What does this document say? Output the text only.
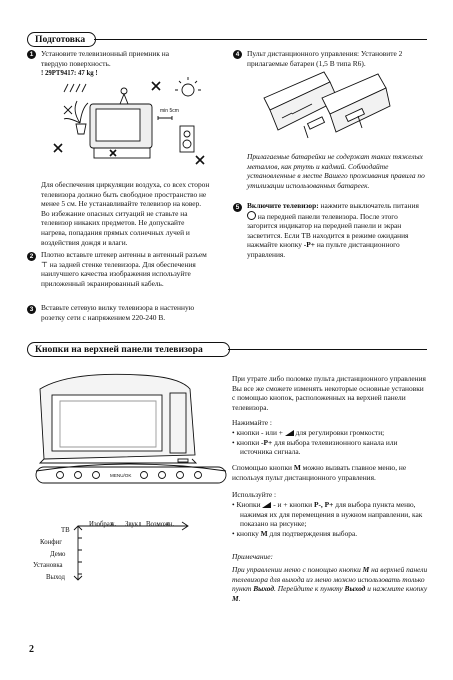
Подготовка
1	Установите телевизионный приемник на твердую поверхность.
! 29PT9417: 47 kg !
min 5cm
Для обеспечения циркуляции воздуха, со всех сторон телевизора должно быть свободное пространство не менее 5 см. Не устанавливайте телевизор на ковер. Во избежание опасных ситуаций не ставьте на телевизор никаких предметов. Не допускайте нагрева, попадания прямых солнечных лучей и воздействия дождя и влаги.
2	Плотно вставьте штекер антенны в антенный разъем ⊤ на задней стенке телевизора. Для обеспечения наилучшего качества изображения используйте приложенный экранированный кабель.
3	Вставьте сетевую вилку телевизора в настенную розетку сети с напряжением 220-240 В.
4	Пульт дистанционного управления: Установите 2 прилагаемые батареи (1,5 В типа R6).
Прилагаемые батарейки не содержат таких тяжелых металлов, как ртуть и кадмий. Соблюдайте установленные в месте Вашего проживания правила по утилизации использованных батареек.
5	Включите телевизор: нажмите выключатель питания  на передней панели телевизора. После этого загорится индикатор на передней панели и экран засветится. Если ТВ находится в режиме ожидания нажмайте кнопку -P+ на пульте дистанционного управления.
Кнопки на верхней панели телевизора
MENU/OK
ТВ
Конфиг
Демо
Установка
Выход
Изображ. Звук Возможн.
При утрате либо поломке пульта дистанционного управления Вы все же сможете изменять некоторые основные установки с помощью кнопок, расположенных на верхней панели телевизора.
Нажимайте :
• кнопки - или +  для регулировки громкости;
• кнопки -P+ для выбора телевизионного канала или источника сигнала.
Спомощью кнопки M можно вызвать главное меню, не используя пульт дистанционного управления.
Используйте :
• Кнопки  - и + кнопки P-, P+ для выбора пункта меню, нажимая их для перемещения в нужном направлении, как показано на рисунке;
• кнопку M для подтверждения выбора.
Примечание:
При управлении меню с помощью кнопки M на верхней панели телевизора для выхода из меню можно использовать только пункт Выход. Перейдите к пункту Выход и нажмите кнопку M.
2
